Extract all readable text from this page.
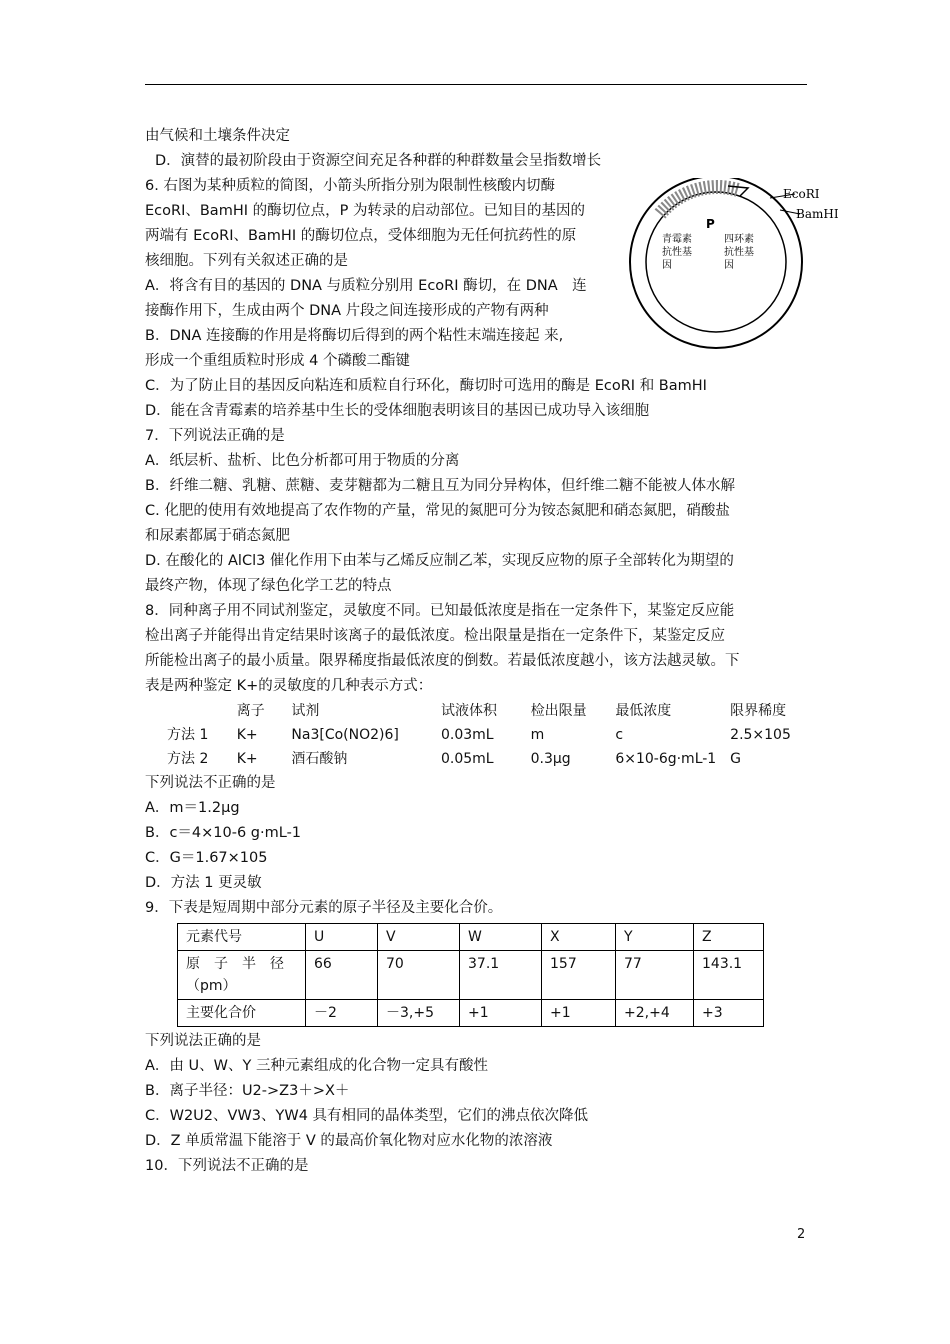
由气候和土壤条件决定
D．演替的最初阶段由于资源空间充足各种群的种群数量会呈指数增长
6. 右图为某种质粒的简图，小箭头所指分别为限制性核酸内切酶
EcoRI、BamHI 的酶切位点，P 为转录的启动部位。已知目的基因的
两端有 EcoRI、BamHI 的酶切位点，受体细胞为无任何抗药性的原
核细胞。下列有关叙述正确的是
A．将含有目的基因的 DNA 与质粒分别用 EcoRI 酶切，在 DNA　连
接酶作用下，生成由两个 DNA 片段之间连接形成的产物有两种
B．DNA 连接酶的作用是将酶切后得到的两个粘性末端连接起 来,
形成一个重组质粒时形成 4 个磷酸二酯键
C．为了防止目的基因反向粘连和质粒自行环化，酶切时可选用的酶是 EcoRI 和 BamHI
D．能在含青霉素的培养基中生长的受体细胞表明该目的基因已成功导入该细胞
7．下列说法正确的是
A．纸层析、盐析、比色分析都可用于物质的分离
B．纤维二糖、乳糖、蔗糖、麦芽糖都为二糖且互为同分异构体，但纤维二糖不能被人体水解
C. 化肥的使用有效地提高了农作物的产量，常见的氮肥可分为铵态氮肥和硝态氮肥，硝酸盐
和尿素都属于硝态氮肥
D. 在酸化的 AlCl3 催化作用下由苯与乙烯反应制乙苯，实现反应物的原子全部转化为期望的
最终产物，体现了绿色化学工艺的特点
8．同种离子用不同试剂鉴定，灵敏度不同。已知最低浓度是指在一定条件下，某鉴定反应能
检出离子并能得出肯定结果时该离子的最低浓度。检出限量是指在一定条件下，某鉴定反应
所能检出离子的最小质量。限界稀度指最低浓度的倒数。若最低浓度越小，该方法越灵敏。下
表是两种鉴定 K+的灵敏度的几种表示方式：
	离子	试剂	试液体积	检出限量	最低浓度	限界稀度
方法 1	K+	Na3[Co(NO2)6]	0.03mL	m	c	2.5×105
方法 2	K+	酒石酸钠	0.05mL	0.3μg	6×10-6g·mL-1	G
下列说法不正确的是
A．m＝1.2μg
B．c＝4×10-6 g·mL-1
C．G＝1.67×105
D．方法 1 更灵敏
9．下表是短周期中部分元素的原子半径及主要化合价。
元素代号	U	V	W	X	Y	Z

原　子　半　径
（pm）	66	70	37.1	157	77	143.1
主要化合价	－2	－3,+5	+1	+1	+2,+4	+3
下列说法正确的是
A．由 U、W、Y 三种元素组成的化合物一定具有酸性
B．离子半径：U2->Z3＋>X＋
C．W2U2、VW3、YW4 具有相同的晶体类型，它们的沸点依次降低
D．Z 单质常温下能溶于 V 的最高价氧化物对应水化物的浓溶液
10．下列说法不正确的是
EcoRI
BamHI
P
青霉素
抗性基
因
四环素
抗性基
因
2
